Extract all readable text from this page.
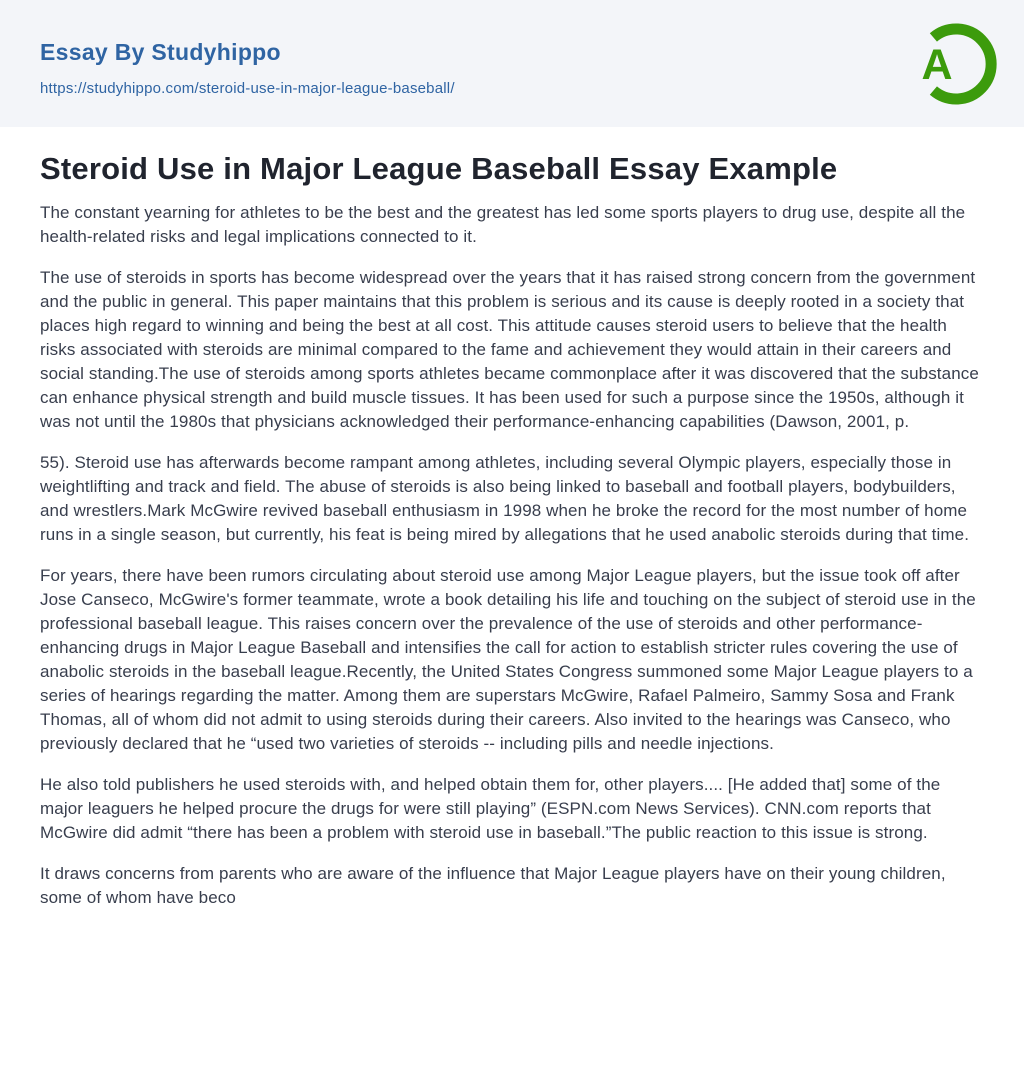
Essay By Studyhippo
https://studyhippo.com/steroid-use-in-major-league-baseball/	A
Steroid Use in Major League Baseball Essay Example

The constant yearning for athletes to be the best and the greatest has led some sports players to drug use, despite all the health-related risks and legal implications connected to it.

The use of steroids in sports has become widespread over the years that it has raised strong concern from the government and the public in general. This paper maintains that this problem is serious and its cause is deeply rooted in a society that places high regard to winning and being the best at all cost. This attitude causes steroid users to believe that the health risks associated with steroids are minimal compared to the fame and achievement they would attain in their careers and social standing.The use of steroids among sports athletes became commonplace after it was discovered that the substance can enhance physical strength and build muscle tissues. It has been used for such a purpose since the 1950s, although it was not until the 1980s that physicians acknowledged their performance-enhancing capabilities (Dawson, 2001, p.

55). Steroid use has afterwards become rampant among athletes, including several Olympic players, especially those in weightlifting and track and field. The abuse of steroids is also being linked to baseball and football players, bodybuilders, and wrestlers.Mark McGwire revived baseball enthusiasm in 1998 when he broke the record for the most number of home runs in a single season, but currently, his feat is being mired by allegations that he used anabolic steroids during that time.

For years, there have been rumors circulating about steroid use among Major League players, but the issue took off after Jose Canseco, McGwire's former teammate, wrote a book detailing his life and touching on the subject of steroid use in the professional baseball league. This raises concern over the prevalence of the use of steroids and other performance-enhancing drugs in Major League Baseball and intensifies the call for action to establish stricter rules covering the use of anabolic steroids in the baseball league.Recently, the United States Congress summoned some Major League players to a series of hearings regarding the matter. Among them are superstars McGwire, Rafael Palmeiro, Sammy Sosa and Frank Thomas, all of whom did not admit to using steroids during their careers. Also invited to the hearings was Canseco, who previously declared that he “used two varieties of steroids -- including pills and needle injections.

He also told publishers he used steroids with, and helped obtain them for, other players.... [He added that] some of the major leaguers he helped procure the drugs for were still playing” (ESPN.com News Services). CNN.com reports that McGwire did admit “there has been a problem with steroid use in baseball.”The public reaction to this issue is strong.

It draws concerns from parents who are aware of the influence that Major League players have on their young children, some of whom have beco
